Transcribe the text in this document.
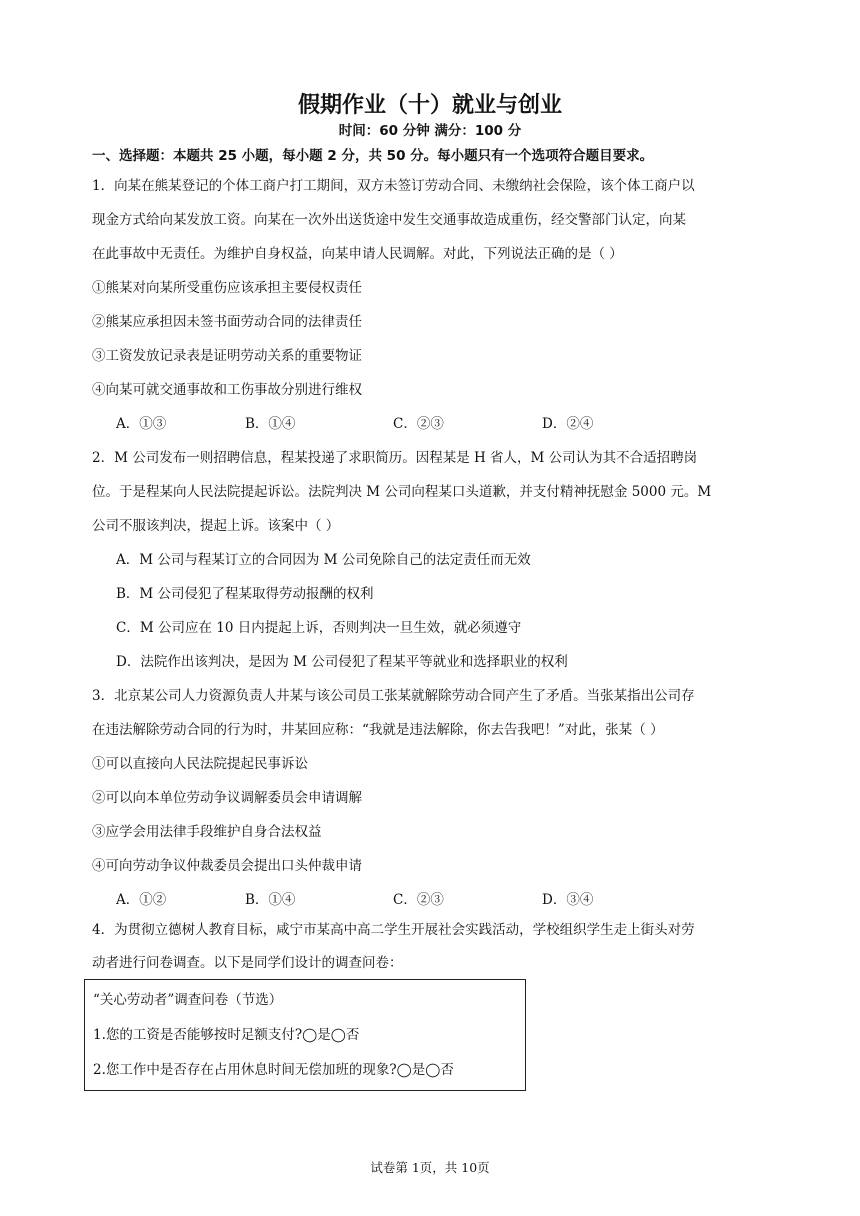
假期作业（十）就业与创业
时间：60 分钟 满分：100 分
一、选择题：本题共 25 小题，每小题 2 分，共 50 分。每小题只有一个选项符合题目要求。
1．向某在熊某登记的个体工商户打工期间，双方未签订劳动合同、未缴纳社会保险，该个体工商户以
现金方式给向某发放工资。向某在一次外出送货途中发生交通事故造成重伤，经交警部门认定，向某
在此事故中无责任。为维护自身权益，向某申请人民调解。对此，下列说法正确的是（ ）
①熊某对向某所受重伤应该承担主要侵权责任
②熊某应承担因未签书面劳动合同的法律责任
③工资发放记录表是证明劳动关系的重要物证
④向某可就交通事故和工伤事故分别进行维权
A．①③	B．①④	C．②③	D．②④
2．M 公司发布一则招聘信息，程某投递了求职简历。因程某是 H 省人，M 公司认为其不合适招聘岗
位。于是程某向人民法院提起诉讼。法院判决 M 公司向程某口头道歉，并支付精神抚慰金 5000 元。M
公司不服该判决，提起上诉。该案中（ ）
A．M 公司与程某订立的合同因为 M 公司免除自己的法定责任而无效
B．M 公司侵犯了程某取得劳动报酬的权利
C．M 公司应在 10 日内提起上诉，否则判决一旦生效，就必须遵守
D．法院作出该判决，是因为 M 公司侵犯了程某平等就业和选择职业的权利
3．北京某公司人力资源负责人井某与该公司员工张某就解除劳动合同产生了矛盾。当张某指出公司存
在违法解除劳动合同的行为时，井某回应称：“我就是违法解除，你去告我吧！”对此，张某（ ）
①可以直接向人民法院提起民事诉讼
②可以向本单位劳动争议调解委员会申请调解
③应学会用法律手段维护自身合法权益
④可向劳动争议仲裁委员会提出口头仲裁申请
A．①②	B．①④	C．②③	D．③④
4．为贯彻立德树人教育目标，咸宁市某高中高二学生开展社会实践活动，学校组织学生走上街头对劳
动者进行问卷调查。以下是同学们设计的调查问卷：
“关心劳动者”调查问卷（节选）
1.您的工资是否能够按时足额支付?◯是◯否
2.您工作中是否存在占用休息时间无偿加班的现象?◯是◯否
试卷第 1页，共 10页
